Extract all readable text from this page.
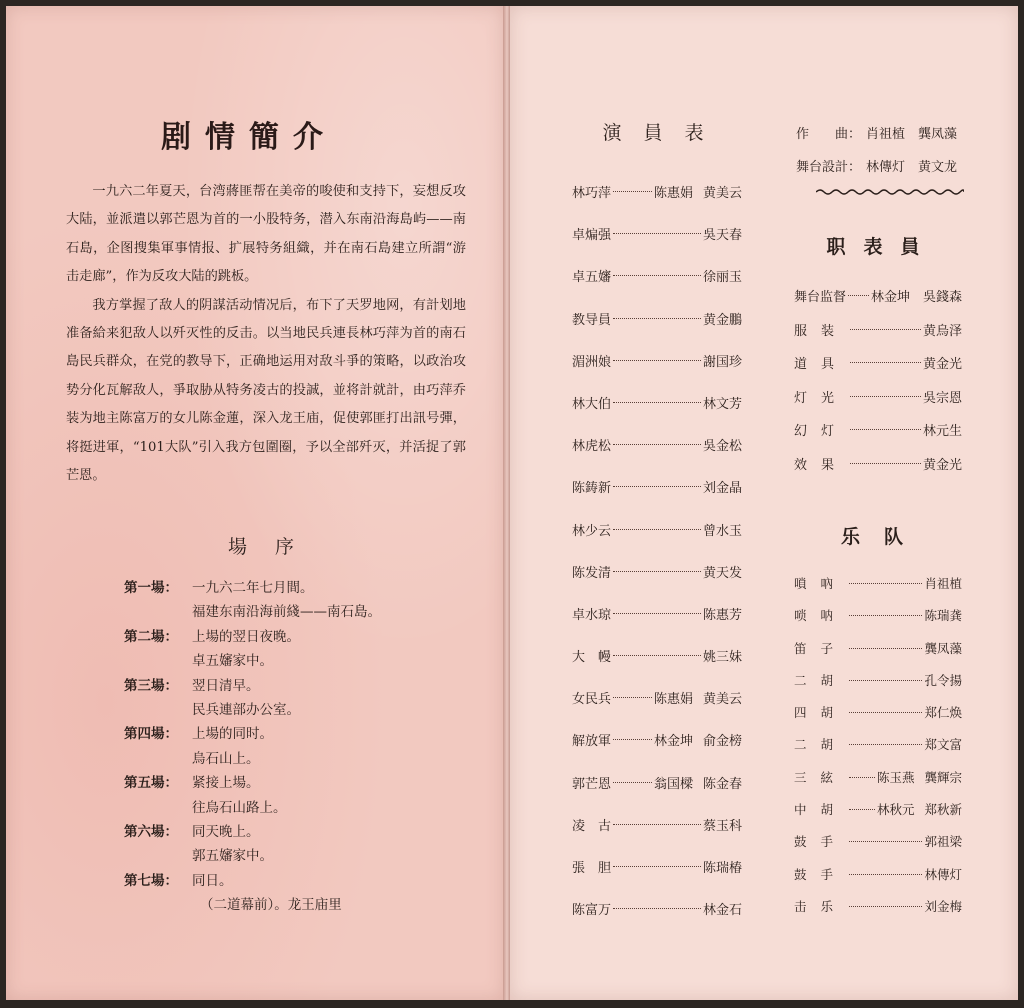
剧情簡介

一九六二年夏天，台湾蔣匪帮在美帝的唆使和支持下，妄想反攻大陆，並派遣以郭芒恩为首的一小股特务，潜入东南沿海島屿——南石島，企图搜集軍事情报、扩展特务組織，并在南石島建立所謂“游击走廊”，作为反攻大陆的跳板。

我方掌握了敌人的阴謀活动情况后，布下了天罗地网，有計划地准备給来犯敌人以歼灭性的反击。以当地民兵連長林巧萍为首的南石島民兵群众，在党的教导下，正确地运用对敌斗爭的策略，以政治攻势分化瓦解敌人，爭取胁从特务凌古的投誠，並将計就計，由巧萍乔装为地主陈富万的女儿陈金蓮，深入龙王庙，促使郭匪打出訊号彈，将挺进軍，“101大队”引入我方包圍圈，予以全部歼灭，并活捉了郭芒恩。

場序
第一場：	一九六二年七月間。
福建东南沿海前綫——南石島。
第二場：	上場的翌日夜晚。
卓五嬸家中。
第三場：	翌日清早。
民兵連部办公室。
第四場：	上場的同时。
烏石山上。
第五場：	紧接上場。
往烏石山路上。
第六場：	同天晚上。
郭五嬸家中。
第七場：	同日。
（二道幕前）。龙王庙里
演員表
林巧萍	陈惠娟 黄美云
卓煸强	吳天春
卓五嬸	徐丽玉
教导員	黄金鵬
湄洲娘	謝国珍
林大伯	林文芳
林虎松	吳金松
陈鋳新	刘金晶
林少云	曾水玉
陈发清	黄天发
卓水琼	陈惠芳
大　幔	姚三妹
女民兵	陈惠娟 黄美云
解放軍	林金坤 俞金榜
郭芒恩	翁国樑 陈金春
凌　古	蔡玉科
張　胆	陈瑞椿
陈富万	林金石
作　　曲： 肖祖植　龔凤藻
舞台設計： 林傳灯　黄文龙
职表員
舞台监督 林金坤　吳錢森
服装	黄烏泽
道具	黄金光
灯光	吳宗恩
幻灯	林元生
效果	黄金光
乐队
嗩吶	肖祖植
唢呐	陈瑞龚
笛子	龔凤藻
二胡	孔令揚
四胡	郑仁焕
二胡	郑文富
三絃 陈玉燕 龔輝宗
中胡 林秋元 郑秋新
鼓手	郭祖梁
鼓手	林傳灯
击乐	刘金梅
